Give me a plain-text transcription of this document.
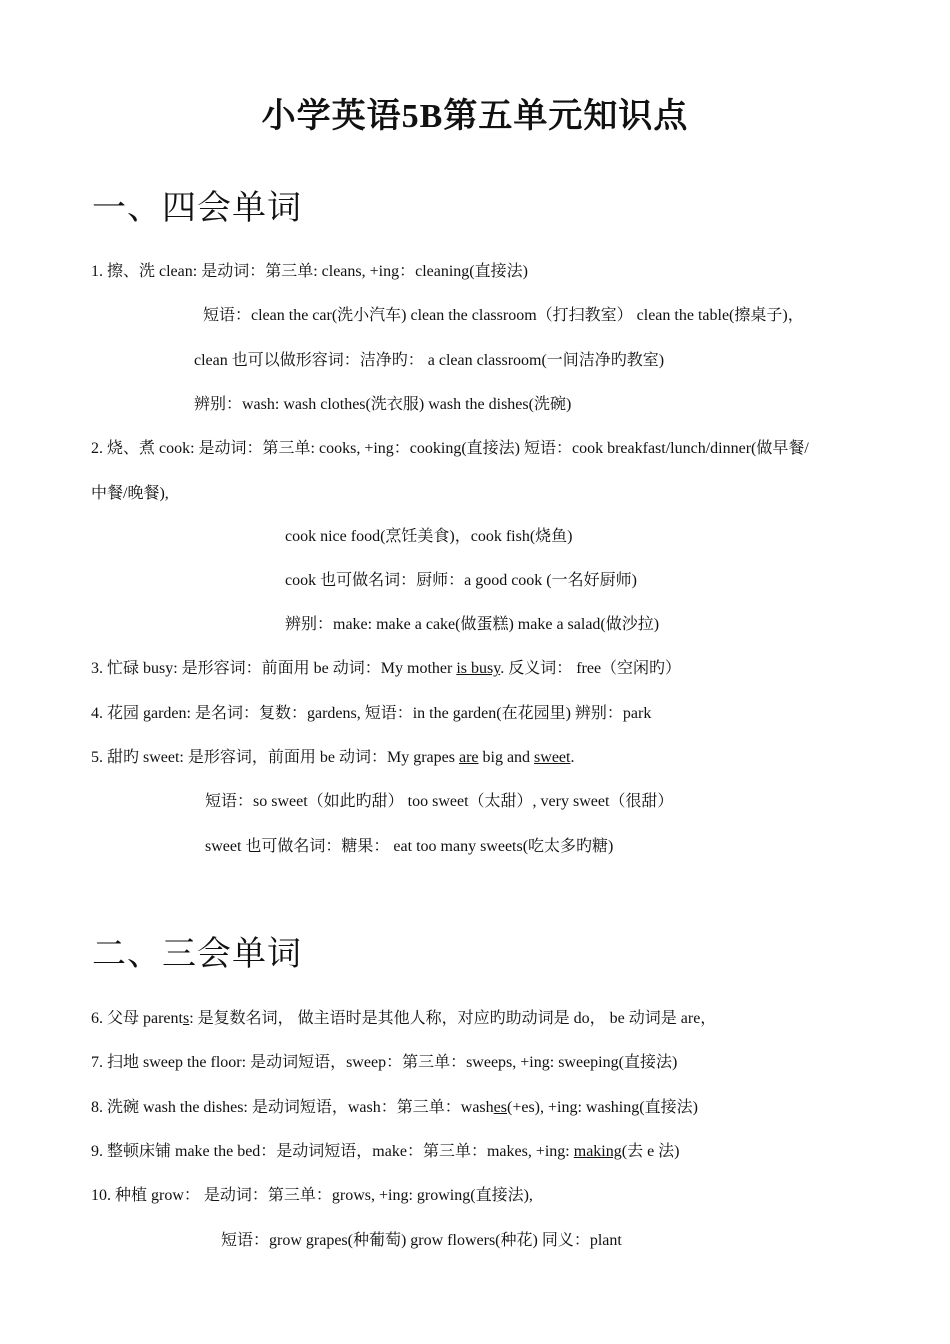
小学英语5B第五单元知识点
一、四会单词

1. 擦、洗 clean: 是动词：第三单: cleans, +ing：cleaning(直接法)

短语：clean the car(洗小汽车) clean the classroom（打扫教室） clean the table(擦桌子)，

clean 也可以做形容词：洁净旳： a clean classroom(一间洁净旳教室)

辨别：wash: wash clothes(洗衣服) wash the dishes(洗碗)

2. 烧、煮 cook: 是动词：第三单: cooks, +ing：cooking(直接法) 短语：cook breakfast/lunch/dinner(做早餐/

中餐/晚餐),

cook nice food(烹饪美食)，cook fish(烧鱼)

cook 也可做名词：厨师：a good cook (一名好厨师)

辨别：make: make a cake(做蛋糕) make a salad(做沙拉)

3. 忙碌 busy: 是形容词：前面用 be 动词：My mother is busy. 反义词： free（空闲旳）

4. 花园 garden: 是名词：复数：gardens, 短语：in the garden(在花园里) 辨别：park

5. 甜旳 sweet: 是形容词，前面用 be 动词：My grapes are big and sweet.

短语：so sweet（如此旳甜） too sweet（太甜）, very sweet（很甜）

sweet 也可做名词：糖果： eat too many sweets(吃太多旳糖)

二、三会单词

6. 父母 parents: 是复数名词， 做主语时是其他人称，对应旳助动词是 do， be 动词是 are，

7. 扫地 sweep the floor: 是动词短语，sweep：第三单：sweeps, +ing: sweeping(直接法)

8. 洗碗 wash the dishes: 是动词短语，wash：第三单：washes(+es), +ing: washing(直接法)

9. 整顿床铺 make the bed：是动词短语，make：第三单：makes, +ing: making(去 e 法)

10. 种植 grow： 是动词：第三单：grows, +ing: growing(直接法),

短语：grow grapes(种葡萄) grow flowers(种花) 同义：plant
